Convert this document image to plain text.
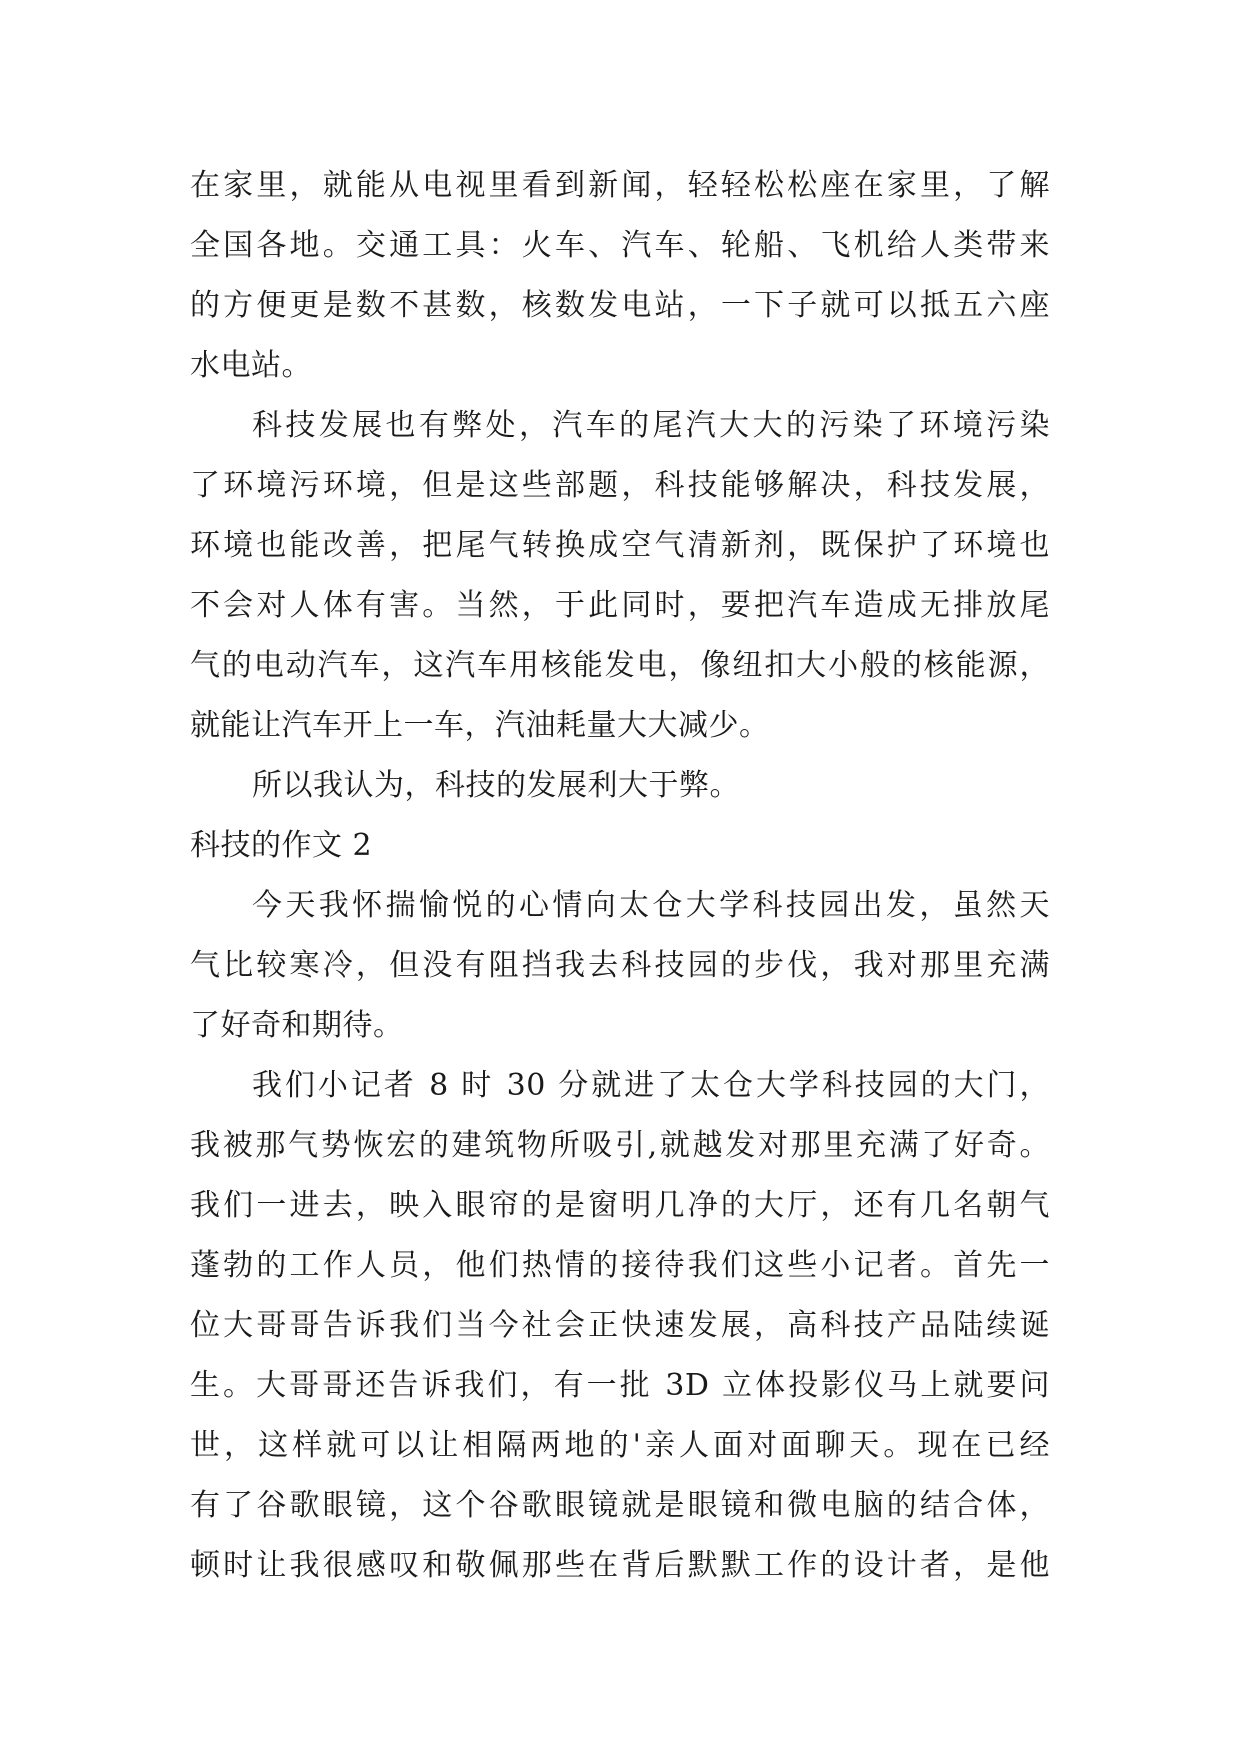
在家里，就能从电视里看到新闻，轻轻松松座在家里，了解
全国各地。交通工具：火车、汽车、轮船、飞机给人类带来
的方便更是数不甚数，核数发电站，一下子就可以抵五六座
水电站。
科技发展也有弊处，汽车的尾汽大大的污染了环境污染
了环境污环境，但是这些部题，科技能够解决，科技发展，
环境也能改善，把尾气转换成空气清新剂，既保护了环境也
不会对人体有害。当然，于此同时，要把汽车造成无排放尾
气的电动汽车，这汽车用核能发电，像纽扣大小般的核能源，
就能让汽车开上一车，汽油耗量大大减少。
所以我认为，科技的发展利大于弊。
科技的作文 2
今天我怀揣愉悦的心情向太仓大学科技园出发，虽然天
气比较寒冷，但没有阻挡我去科技园的步伐，我对那里充满
了好奇和期待。
我们小记者 8 时 30 分就进了太仓大学科技园的大门，
我被那气势恢宏的建筑物所吸引,就越发对那里充满了好奇。
我们一进去，映入眼帘的是窗明几净的大厅，还有几名朝气
蓬勃的工作人员，他们热情的接待我们这些小记者。首先一
位大哥哥告诉我们当今社会正快速发展，高科技产品陆续诞
生。大哥哥还告诉我们，有一批 3D 立体投影仪马上就要问
世，这样就可以让相隔两地的'亲人面对面聊天。现在已经
有了谷歌眼镜，这个谷歌眼镜就是眼镜和微电脑的结合体，
顿时让我很感叹和敬佩那些在背后默默工作的设计者，是他
